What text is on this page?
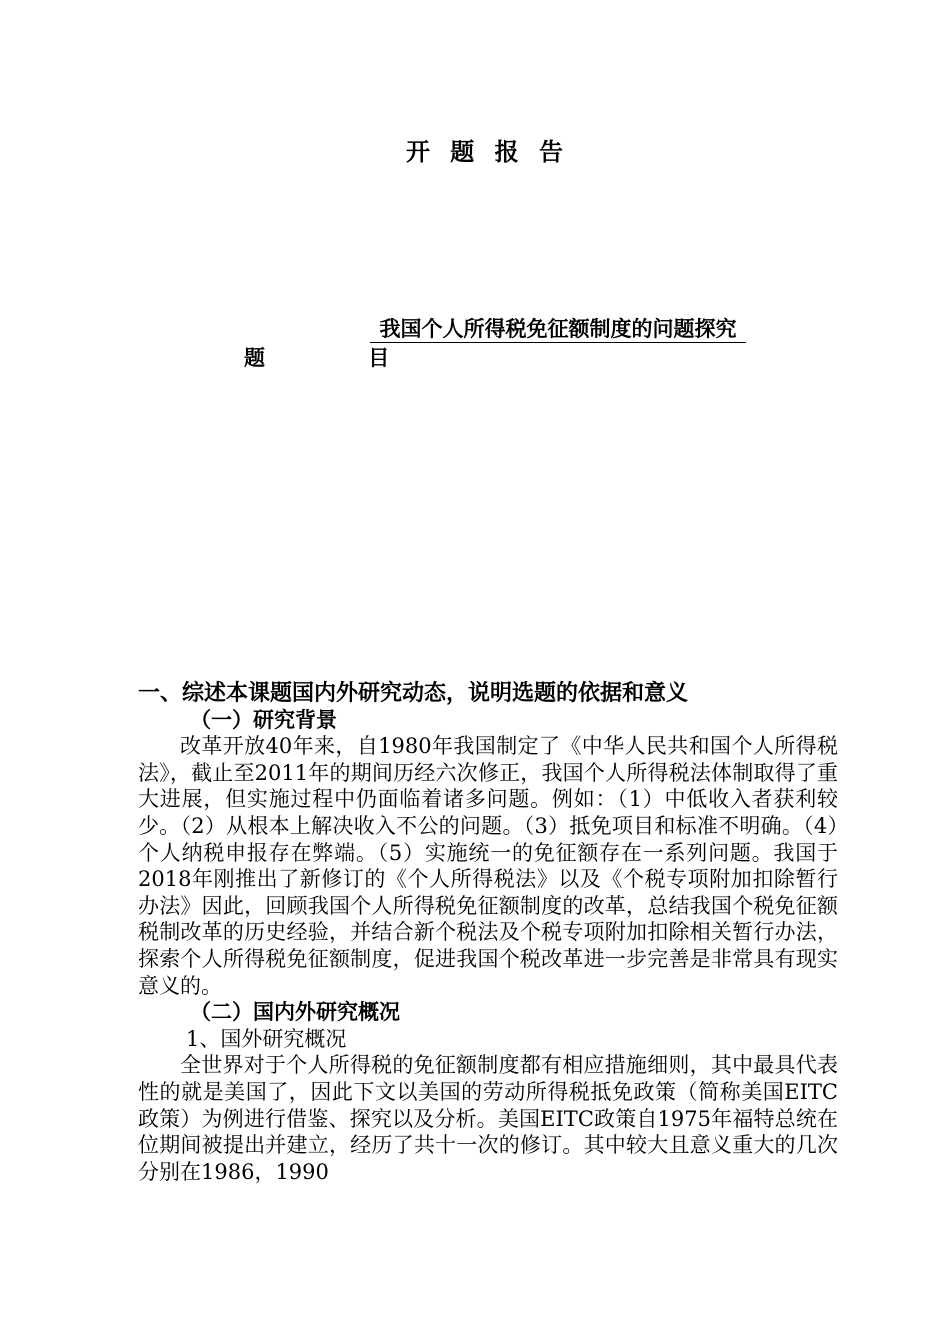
开 题 报 告
题 目
我国个人所得税免征额制度的问题探究
一、综述本课题国内外研究动态，说明选题的依据和意义
（一）研究背景
改革开放40年来，自1980年我国制定了《中华人民共和国个人所得税法》，截止至2011年的期间历经六次修正，我国个人所得税法体制取得了重大进展，但实施过程中仍面临着诸多问题。例如：（1）中低收入者获利较少。（2）从根本上解决收入不公的问题。（3）抵免项目和标准不明确。（4）个人纳税申报存在弊端。（5）实施统一的免征额存在一系列问题。我国于2018年刚推出了新修订的《个人所得税法》以及《个税专项附加扣除暂行办法》因此，回顾我国个人所得税免征额制度的改革，总结我国个税免征额税制改革的历史经验，并结合新个税法及个税专项附加扣除相关暂行办法，探索个人所得税免征额制度，促进我国个税改革进一步完善是非常具有现实意义的。
（二）国内外研究概况
1、国外研究概况
全世界对于个人所得税的免征额制度都有相应措施细则，其中最具代表性的就是美国了，因此下文以美国的劳动所得税抵免政策（简称美国EITC政策）为例进行借鉴、探究以及分析。美国EITC政策自1975年福特总统在位期间被提出并建立，经历了共十一次的修订。其中较大且意义重大的几次分别在1986，1990
